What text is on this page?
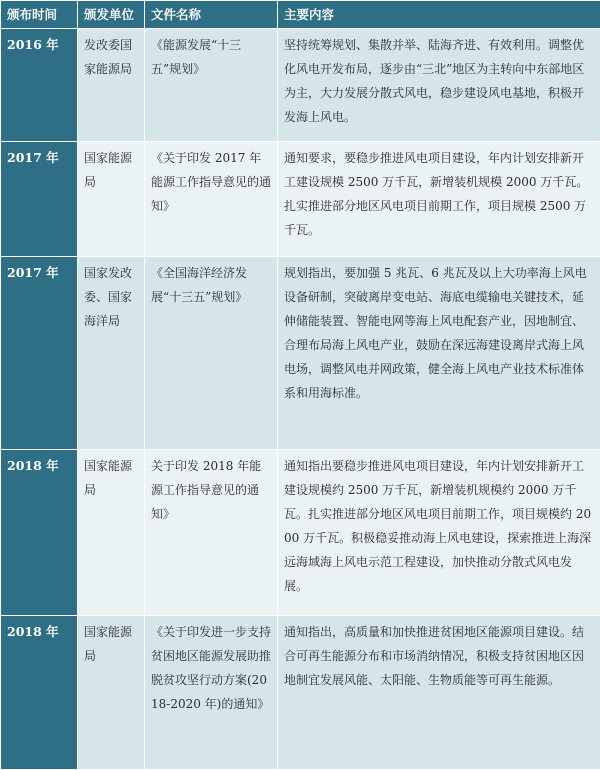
颁布时间	颁发单位	文件名称	主要内容
2016 年	发改委国家能源局	《能源发展“十三五”规划》	坚持统筹规划、集散并举、陆海齐进、有效利用。调整优化风电开发布局，逐步由“三北”地区为主转向中东部地区为主，大力发展分散式风电，稳步建设风电基地，积极开发海上风电。
2017 年	国家能源局	《关于印发 2017 年能源工作指导意见的通知》	通知要求，要稳步推进风电项目建设，年内计划安排新开工建设规模 2500 万千瓦，新增装机规模 2000 万千瓦。扎实推进部分地区风电项目前期工作，项目规模 2500 万千瓦。
2017 年	国家发改委、国家海洋局	《全国海洋经济发展“十三五”规划》	规划指出，要加强 5 兆瓦、6 兆瓦及以上大功率海上风电设备研制，突破离岸变电站、海底电缆输电关键技术，延伸储能装置、智能电网等海上风电配套产业，因地制宜、合理布局海上风电产业，鼓励在深远海建设离岸式海上风电场，调整风电并网政策，健全海上风电产业技术标准体系和用海标准。
2018 年	国家能源局	关于印发 2018 年能源工作指导意见的通知》	通知指出要稳步推进风电项目建设，年内计划安排新开工建设规模约 2500 万千瓦，新增装机规模约 2000 万千瓦。扎实推进部分地区风电项目前期工作，项目规模约 2000 万千瓦。积极稳妥推动海上风电建设，探索推进上海深远海域海上风电示范工程建设，加快推动分散式风电发展。
2018 年	国家能源局	《关于印发进一步支持贫困地区能源发展助推脱贫攻坚行动方案(2018-2020 年)的通知》	通知指出，高质量和加快推进贫困地区能源项目建设。结合可再生能源分布和市场消纳情况，积极支持贫困地区因地制宜发展风能、太阳能、生物质能等可再生能源。
